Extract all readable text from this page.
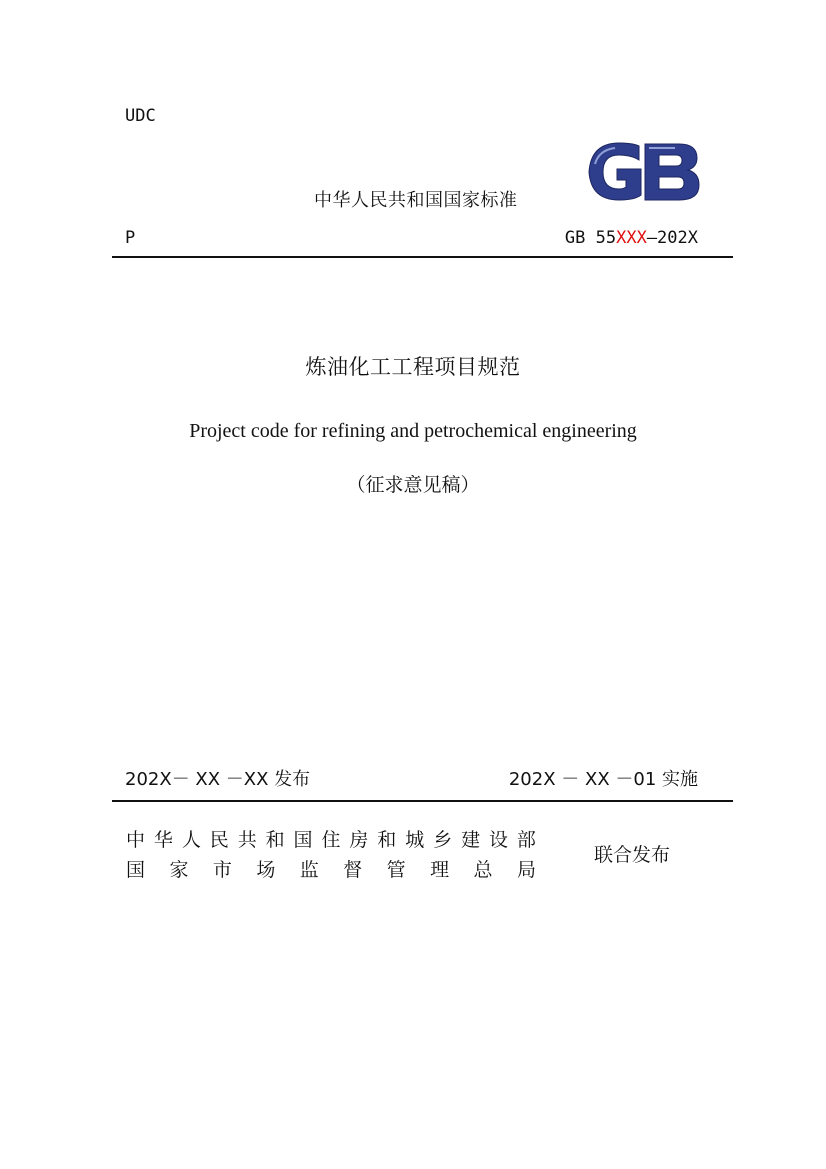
UDC
中华人民共和国国家标准
P	GB 55XXX—202X
炼油化工工程项目规范
Project code for refining and petrochemical engineering
（征求意见稿）
202X－ XX －XX 发布	202X － XX －01 实施
中 华 人 民 共 和 国 住 房 和 城 乡 建 设 部
国 家 市 场 监 督 管 理 总 局
联合发布
